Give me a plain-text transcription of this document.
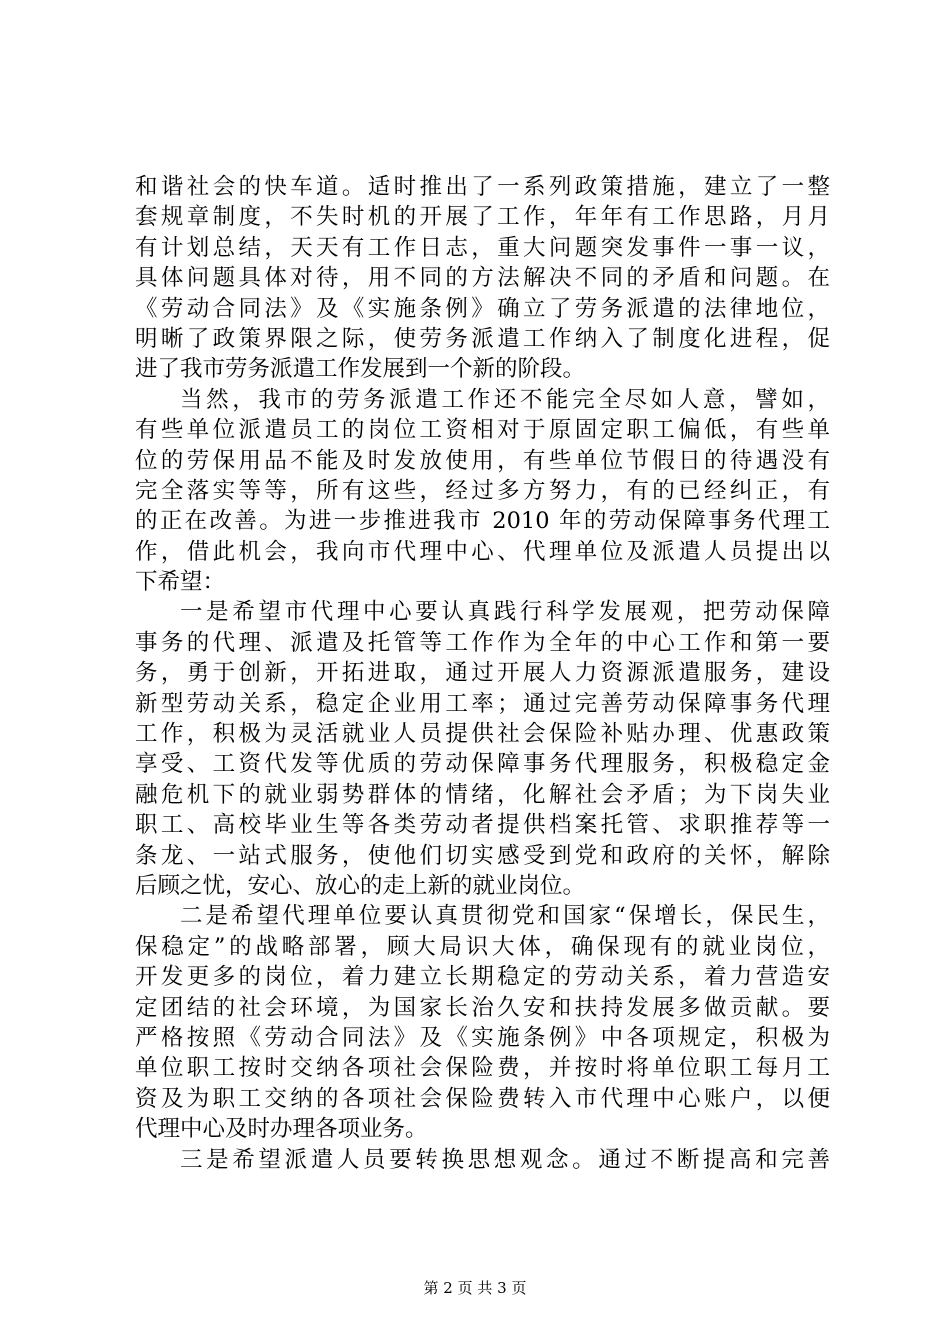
和谐社会的快车道。适时推出了一系列政策措施，建立了一整
套规章制度，不失时机的开展了工作，年年有工作思路，月月
有计划总结，天天有工作日志，重大问题突发事件一事一议，
具体问题具体对待，用不同的方法解决不同的矛盾和问题。在
《劳动合同法》及《实施条例》确立了劳务派遣的法律地位，
明晰了政策界限之际，使劳务派遣工作纳入了制度化进程，促
进了我市劳务派遣工作发展到一个新的阶段。
当然，我市的劳务派遣工作还不能完全尽如人意，譬如，
有些单位派遣员工的岗位工资相对于原固定职工偏低，有些单
位的劳保用品不能及时发放使用，有些单位节假日的待遇没有
完全落实等等，所有这些，经过多方努力，有的已经纠正，有
的正在改善。为进一步推进我市 2010 年的劳动保障事务代理工
作，借此机会，我向市代理中心、代理单位及派遣人员提出以
下希望：
一是希望市代理中心要认真践行科学发展观，把劳动保障
事务的代理、派遣及托管等工作作为全年的中心工作和第一要
务，勇于创新，开拓进取，通过开展人力资源派遣服务，建设
新型劳动关系，稳定企业用工率；通过完善劳动保障事务代理
工作，积极为灵活就业人员提供社会保险补贴办理、优惠政策
享受、工资代发等优质的劳动保障事务代理服务，积极稳定金
融危机下的就业弱势群体的情绪，化解社会矛盾；为下岗失业
职工、高校毕业生等各类劳动者提供档案托管、求职推荐等一
条龙、一站式服务，使他们切实感受到党和政府的关怀，解除
后顾之忧，安心、放心的走上新的就业岗位。
二是希望代理单位要认真贯彻党和国家“保增长，保民生，
保稳定”的战略部署，顾大局识大体，确保现有的就业岗位，
开发更多的岗位，着力建立长期稳定的劳动关系，着力营造安
定团结的社会环境，为国家长治久安和扶持发展多做贡献。要
严格按照《劳动合同法》及《实施条例》中各项规定，积极为
单位职工按时交纳各项社会保险费，并按时将单位职工每月工
资及为职工交纳的各项社会保险费转入市代理中心账户，以便
代理中心及时办理各项业务。
三是希望派遣人员要转换思想观念。通过不断提高和完善
第 2 页 共 3 页
